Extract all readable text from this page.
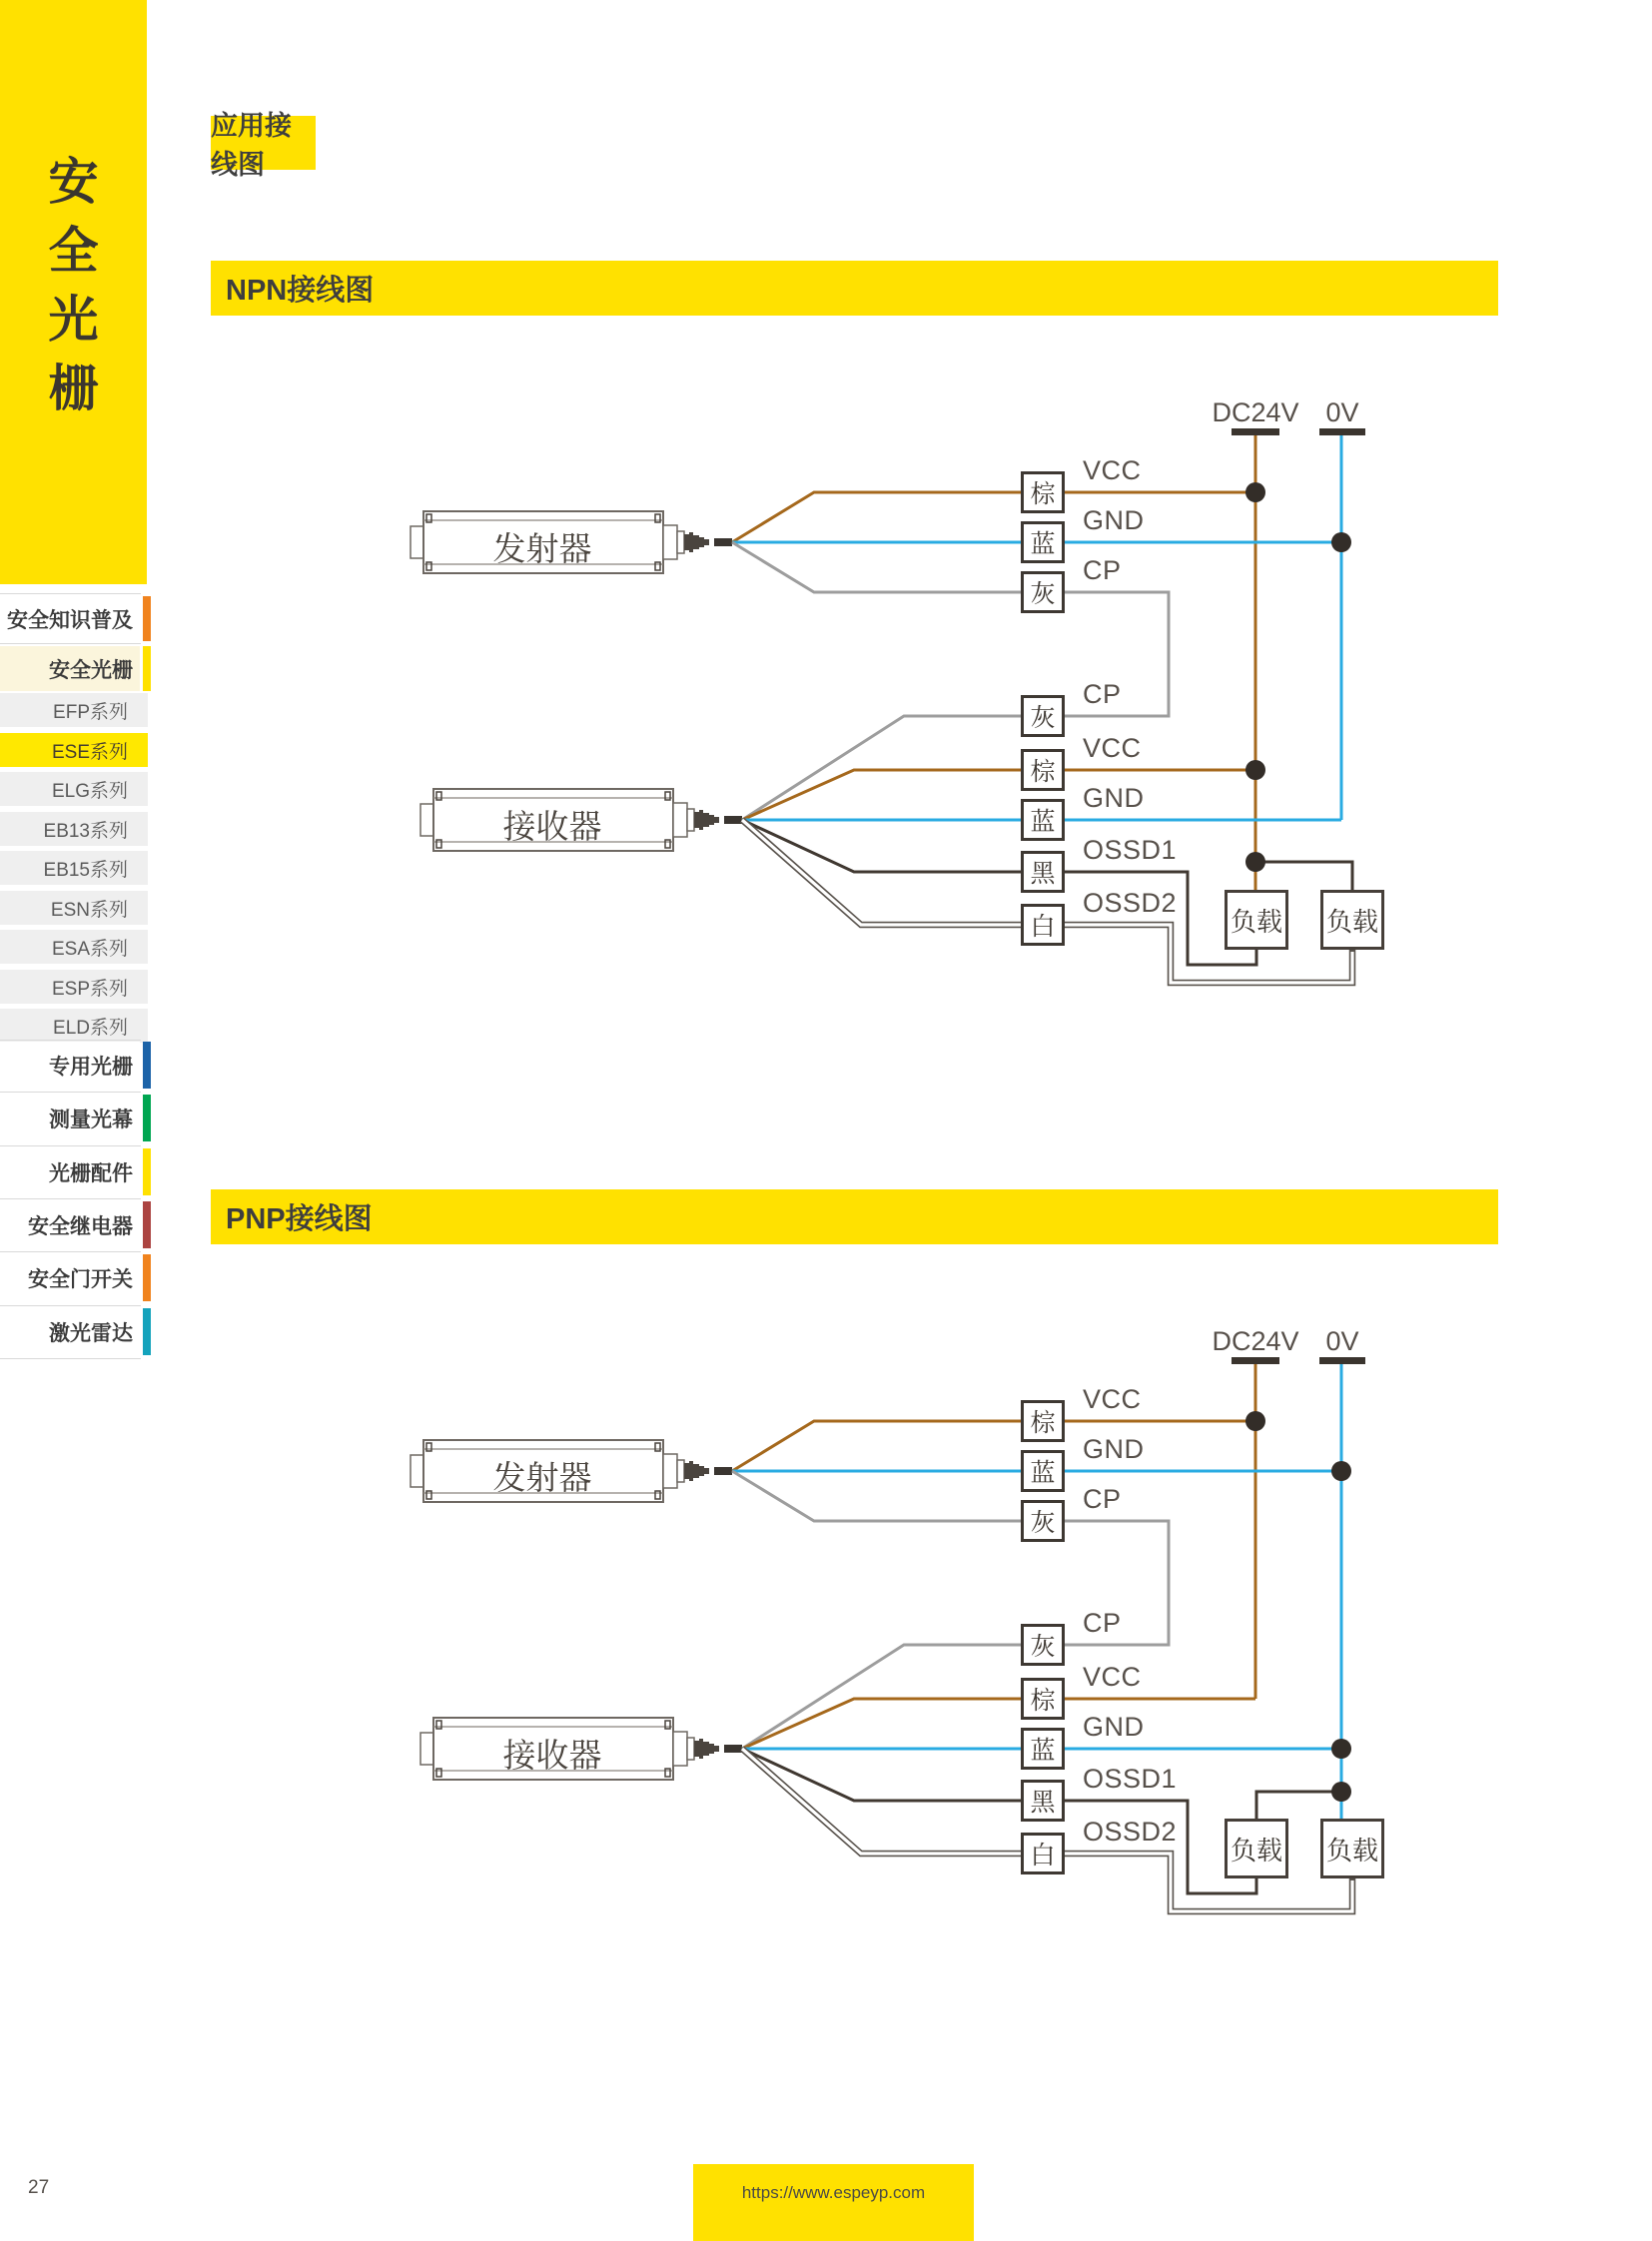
安全光栅
安全知识普及
安全光栅
EFP系列
ESE系列
ELG系列
EB13系列
EB15系列
ESN系列
ESA系列
ESP系列
ELD系列
专用光栅
测量光幕
光栅配件
安全继电器
安全门开关
激光雷达
应用接线图
NPN接线图
PNP接线图
发射器
接收器
DC24V 0V
棕
蓝
灰
灰
棕
蓝
黑
白
VCC
GND
CP
CP
VCC
GND
OSSD1
OSSD2
负载 负载
发射器
接收器
DC24V 0V
棕
蓝
灰
灰
棕
蓝
黑
白
VCC
GND
CP
CP
VCC
GND
OSSD1
OSSD2
负载 负载
27	https://www.espeyp.com
